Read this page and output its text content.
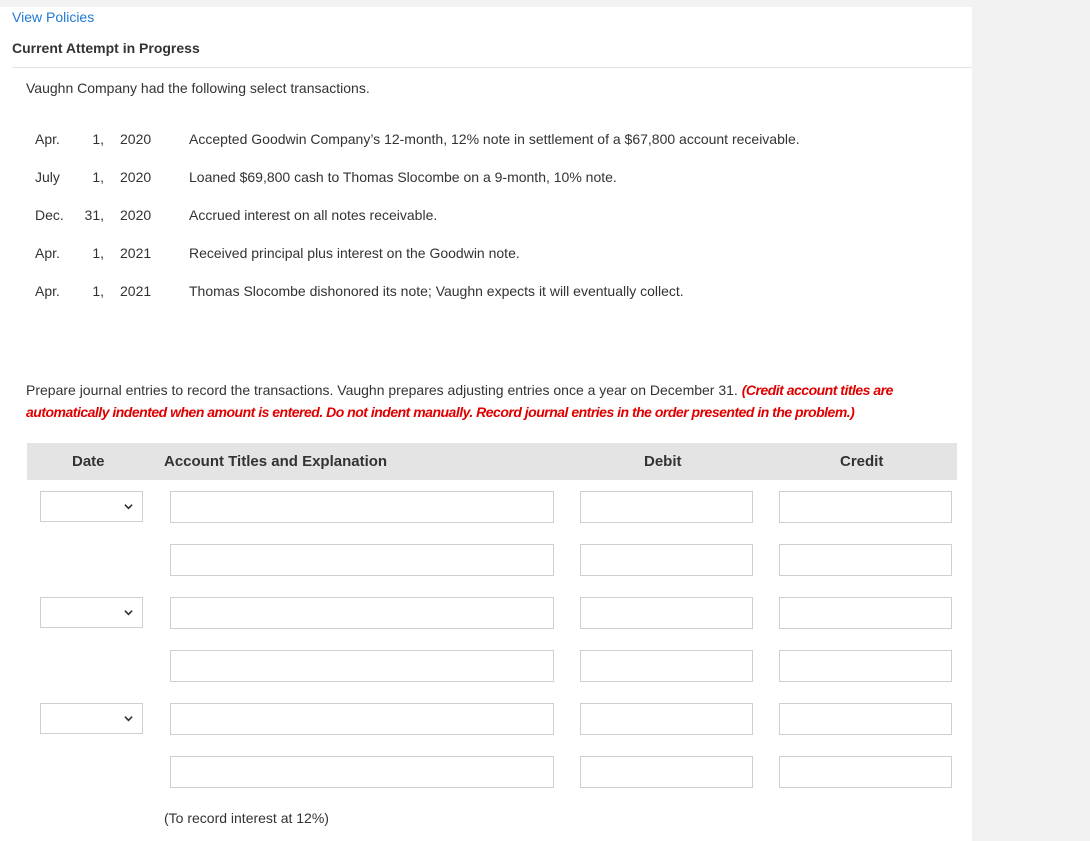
View Policies
Current Attempt in Progress
Vaughn Company had the following select transactions.
Apr.	1, 2020	Accepted Goodwin Company’s 12-month, 12% note in settlement of a $67,800 account receivable.
July	1, 2020	Loaned $69,800 cash to Thomas Slocombe on a 9-month, 10% note.
Dec. 31, 2020	Accrued interest on all notes receivable.
Apr.	1, 2021	Received principal plus interest on the Goodwin note.
Apr.	1, 2021	Thomas Slocombe dishonored its note; Vaughn expects it will eventually collect.
Prepare journal entries to record the transactions. Vaughn prepares adjusting entries once a year on December 31. (Credit account titles are automatically indented when amount is entered. Do not indent manually. Record journal entries in the order presented in the problem.)
Date	Account Titles and Explanation	Debit	Credit
(To record interest at 12%)
